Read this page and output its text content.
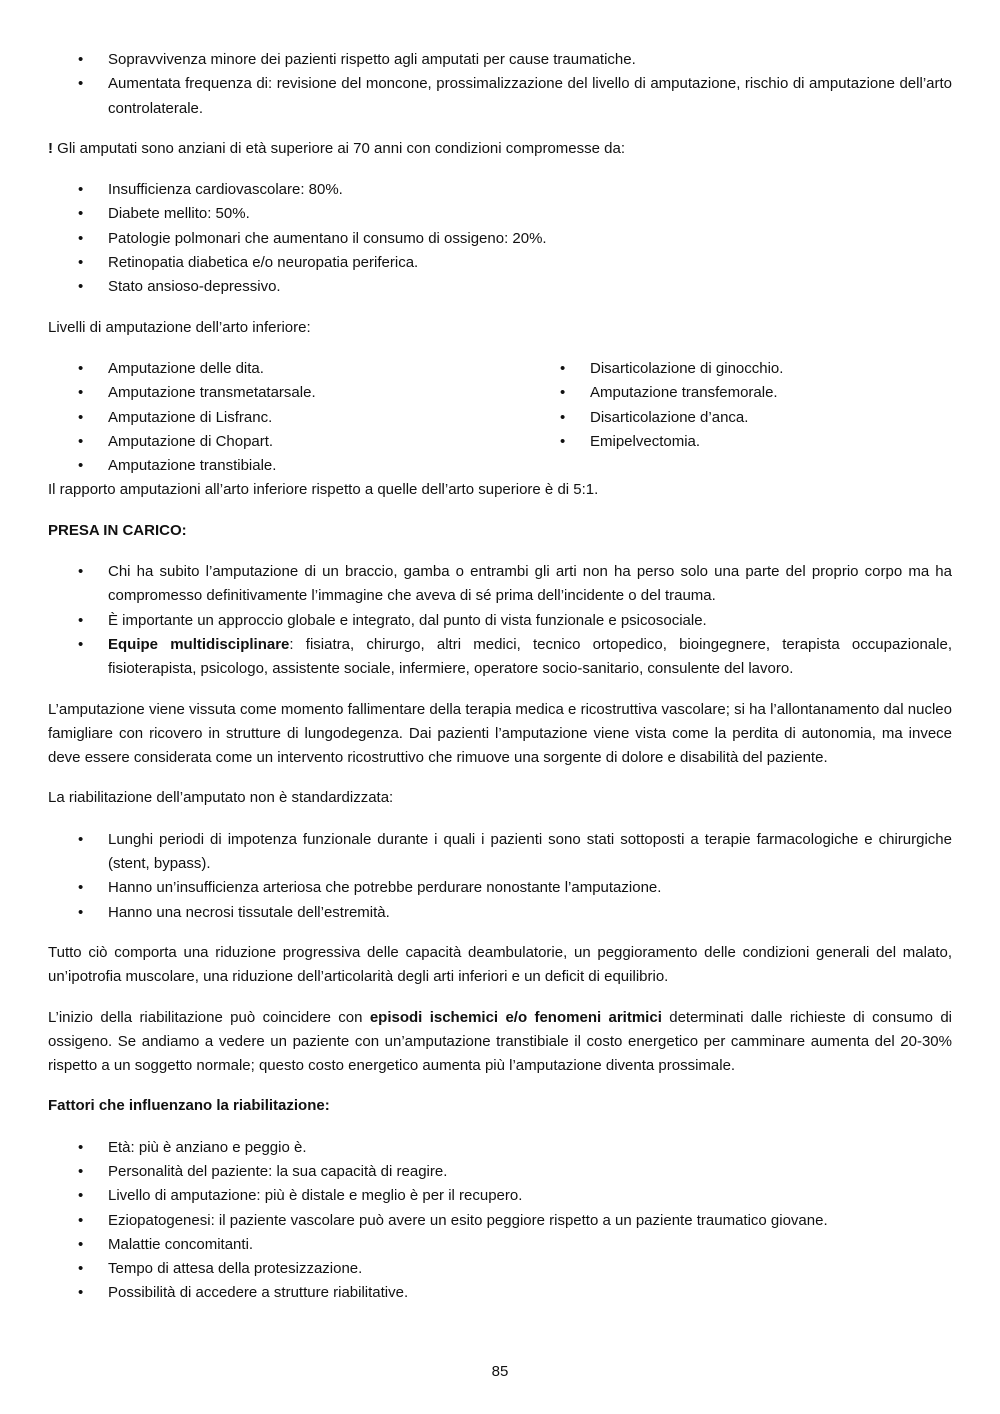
• Sopravvivenza minore dei pazienti rispetto agli amputati per cause traumatiche.
• Aumentata frequenza di: revisione del moncone, prossimalizzazione del livello di amputazione, rischio di amputazione dell’arto controlaterale.

! Gli amputati sono anziani di età superiore ai 70 anni con condizioni compromesse da:

• Insufficienza cardiovascolare: 80%.
• Diabete mellito: 50%.
• Patologie polmonari che aumentano il consumo di ossigeno: 20%.
• Retinopatia diabetica e/o neuropatia periferica.
• Stato ansioso-depressivo.

Livelli di amputazione dell’arto inferiore:

• Amputazione delle dita.
• Amputazione transmetatarsale.
• Amputazione di Lisfranc.
• Amputazione di Chopart.
• Amputazione transtibiale.
• Disarticolazione di ginocchio.
• Amputazione transfemorale.
• Disarticolazione d’anca.
• Emipelvectomia.

Il rapporto amputazioni all’arto inferiore rispetto a quelle dell’arto superiore è di 5:1.

PRESA IN CARICO:

• Chi ha subito l’amputazione di un braccio, gamba o entrambi gli arti non ha perso solo una parte del proprio corpo ma ha compromesso definitivamente l’immagine che aveva di sé prima dell’incidente o del trauma.
• È importante un approccio globale e integrato, dal punto di vista funzionale e psicosociale.
• Equipe multidisciplinare: fisiatra, chirurgo, altri medici, tecnico ortopedico, bioingegnere, terapista occupazionale, fisioterapista, psicologo, assistente sociale, infermiere, operatore socio-sanitario, consulente del lavoro.

L’amputazione viene vissuta come momento fallimentare della terapia medica e ricostruttiva vascolare; si ha l’allontanamento dal nucleo famigliare con ricovero in strutture di lungodegenza. Dai pazienti l’amputazione viene vista come la perdita di autonomia, ma invece deve essere considerata come un intervento ricostruttivo che rimuove una sorgente di dolore e disabilità del paziente.

La riabilitazione dell’amputato non è standardizzata:

• Lunghi periodi di impotenza funzionale durante i quali i pazienti sono stati sottoposti a terapie farmacologiche e chirurgiche (stent, bypass).
• Hanno un’insufficienza arteriosa che potrebbe perdurare nonostante l’amputazione.
• Hanno una necrosi tissutale dell’estremità.

Tutto ciò comporta una riduzione progressiva delle capacità deambulatorie, un peggioramento delle condizioni generali del malato, un’ipotrofia muscolare, una riduzione dell’articolarità degli arti inferiori e un deficit di equilibrio.

L’inizio della riabilitazione può coincidere con episodi ischemici e/o fenomeni aritmici determinati dalle richieste di consumo di ossigeno. Se andiamo a vedere un paziente con un’amputazione transtibiale il costo energetico per camminare aumenta del 20-30% rispetto a un soggetto normale; questo costo energetico aumenta più l’amputazione diventa prossimale.

Fattori che influenzano la riabilitazione:

• Età: più è anziano e peggio è.
• Personalità del paziente: la sua capacità di reagire.
• Livello di amputazione: più è distale e meglio è per il recupero.
• Eziopatogenesi: il paziente vascolare può avere un esito peggiore rispetto a un paziente traumatico giovane.
• Malattie concomitanti.
• Tempo di attesa della protesizzazione.
• Possibilità di accedere a strutture riabilitative.
85
